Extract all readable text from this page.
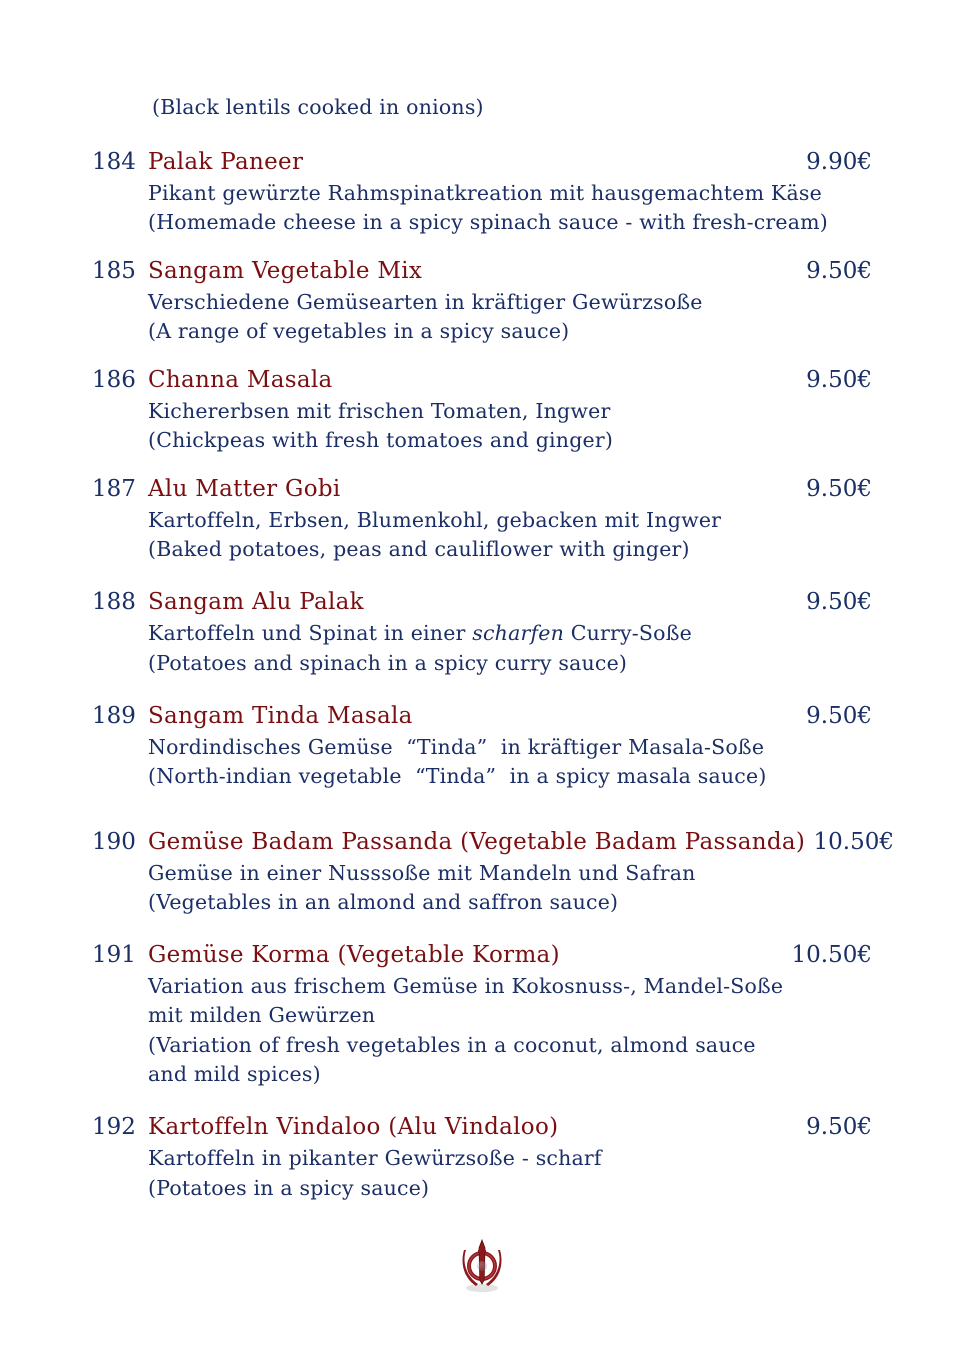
(Black lentils cooked in onions)
184 Palak Paneer	9.90€
Pikant gewürzte Rahmspinatkreation mit hausgemachtem Käse
(Homemade cheese in a spicy spinach sauce - with fresh-cream)
185 Sangam Vegetable Mix	9.50€
Verschiedene Gemüsearten in kräftiger Gewürzsoße
(A range of vegetables in a spicy sauce)
186 Channa Masala	9.50€
Kichererbsen mit frischen Tomaten, Ingwer
(Chickpeas with fresh tomatoes and ginger)
187 Alu Matter Gobi	9.50€
Kartoffeln, Erbsen, Blumenkohl, gebacken mit Ingwer
(Baked potatoes, peas and cauliflower with ginger)
188 Sangam Alu Palak	9.50€
Kartoffeln und Spinat in einer scharfen Curry-Soße
(Potatoes and spinach in a spicy curry sauce)
189 Sangam Tinda Masala	9.50€
Nordindisches Gemüse  “Tinda”  in kräftiger Masala-Soße
(North-indian vegetable  “Tinda”  in a spicy masala sauce)
190 Gemüse Badam Passanda (Vegetable Badam Passanda) 10.50€
Gemüse in einer Nusssoße mit Mandeln und Safran
(Vegetables in an almond and saffron sauce)
191 Gemüse Korma (Vegetable Korma)	10.50€
Variation aus frischem Gemüse in Kokosnuss-, Mandel-Soße
mit milden Gewürzen
(Variation of fresh vegetables in a coconut, almond sauce
and mild spices)
192 Kartoffeln Vindaloo (Alu Vindaloo)	9.50€
Kartoffeln in pikanter Gewürzsoße - scharf
(Potatoes in a spicy sauce)
